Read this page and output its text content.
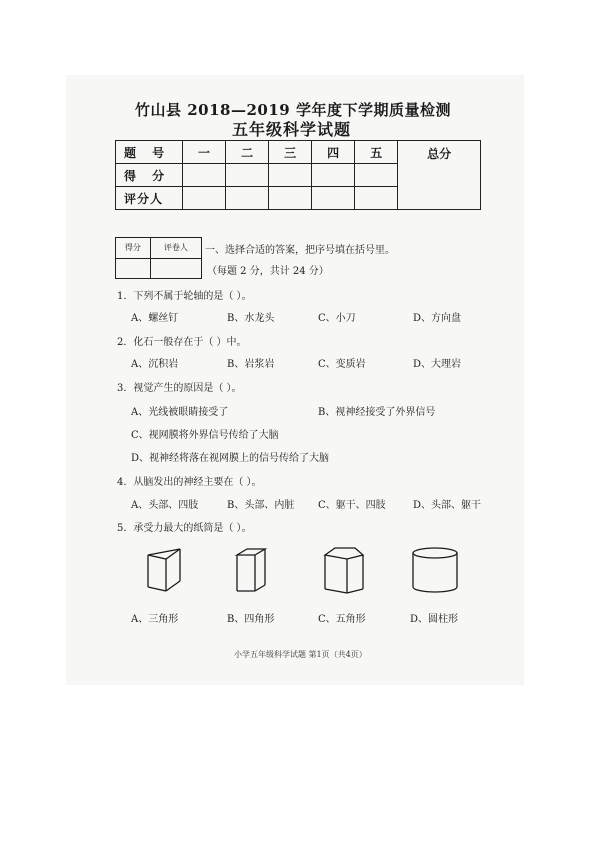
竹山县 2018—2019 学年度下学期质量检测
五年级科学试题
题 号	一	二	三	四	五	总分
得 分						
评分人						
得分	评卷人
	一、选择合适的答案，把序号填在括号里。
（每题 2 分，共计 24 分）
1．下列不属于轮轴的是（ ）。
A、螺丝钉	B、水龙头	C、小刀	D、方向盘
2．化石一般存在于（ ）中。
A、沉积岩	B、岩浆岩	C、变质岩	D、大理岩
3．视觉产生的原因是（ ）。
A、光线被眼睛接受了	B、视神经接受了外界信号
C、视网膜将外界信号传给了大脑
D、视神经将落在视网膜上的信号传给了大脑
4．从脑发出的神经主要在（ ）。
A、头部、四肢	B、头部、内脏 C、躯干、四肢	D、头部、躯干
5．承受力最大的纸筒是（ ）。
A、三角形	B、四角形	C、五角形	D、圆柱形
小学五年级科学试题 第1页（共4页）
